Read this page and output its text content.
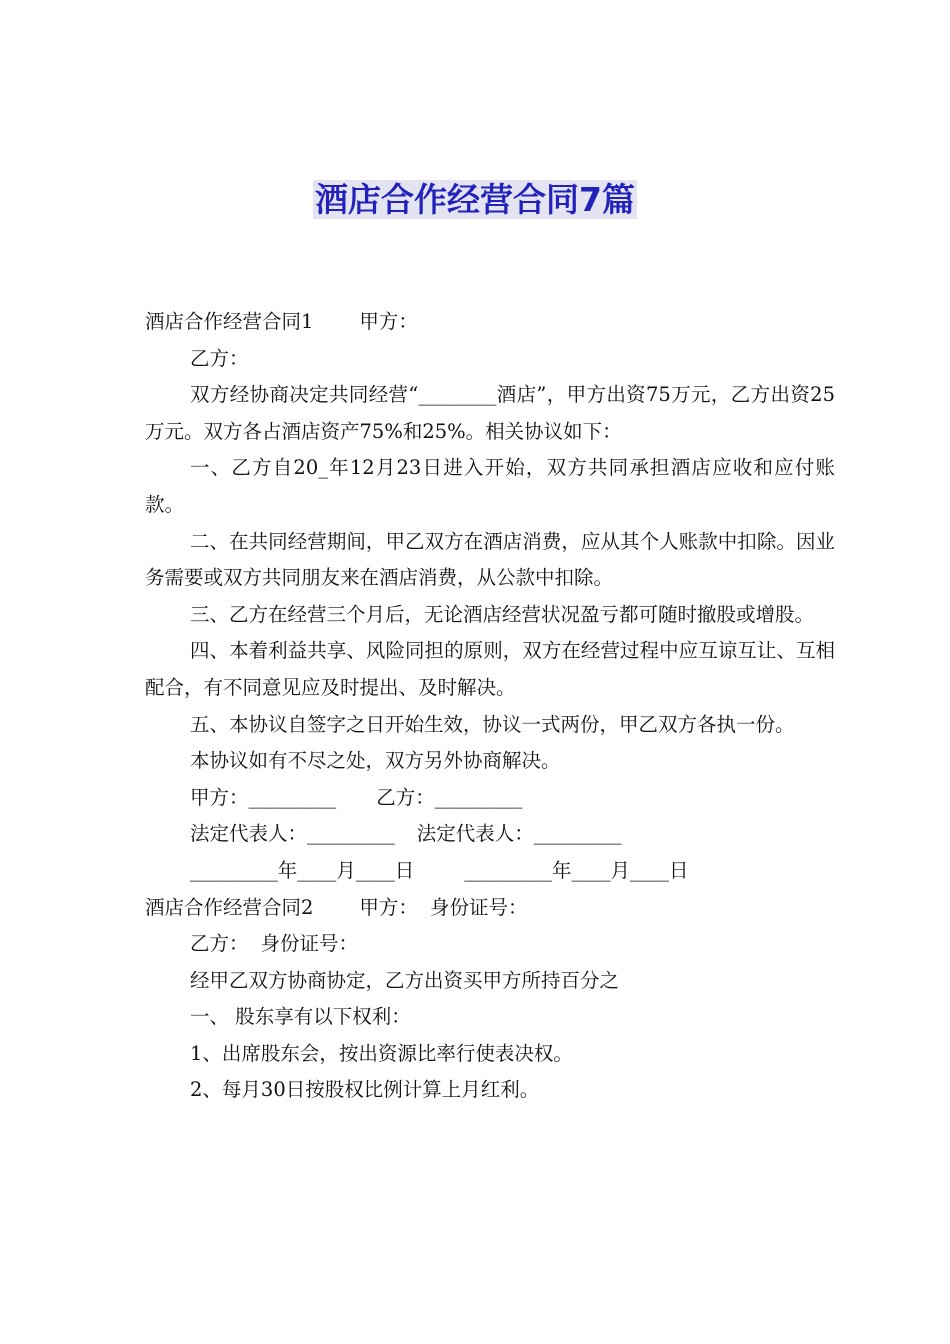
酒店合作经营合同7篇

酒店合作经营合同1 甲方：

乙方：

双方经协商决定共同经营“________酒店”，甲方出资75万元，乙方出资25万元。双方各占酒店资产75%和25%。相关协议如下：

一、乙方自20_年12月23日进入开始，双方共同承担酒店应收和应付账款。

二、在共同经营期间，甲乙双方在酒店消费，应从其个人账款中扣除。因业务需要或双方共同朋友来在酒店消费，从公款中扣除。

三、乙方在经营三个月后，无论酒店经营状况盈亏都可随时撤股或增股。

四、本着利益共享、风险同担的原则，双方在经营过程中应互谅互让、互相配合，有不同意见应及时提出、及时解决。

五、本协议自签字之日开始生效，协议一式两份，甲乙双方各执一份。

本协议如有不尽之处，双方另外协商解决。

甲方：_________ 乙方：_________

法定代表人：_________ 法定代表人：_________

_________年____月____日	_________年____月____日

酒店合作经营合同2 甲方： 身份证号：

乙方： 身份证号：

经甲乙双方协商协定，乙方出资买甲方所持百分之

一、 股东享有以下权利：

1、出席股东会，按出资源比率行使表决权。

2、每月30日按股权比例计算上月红利。
